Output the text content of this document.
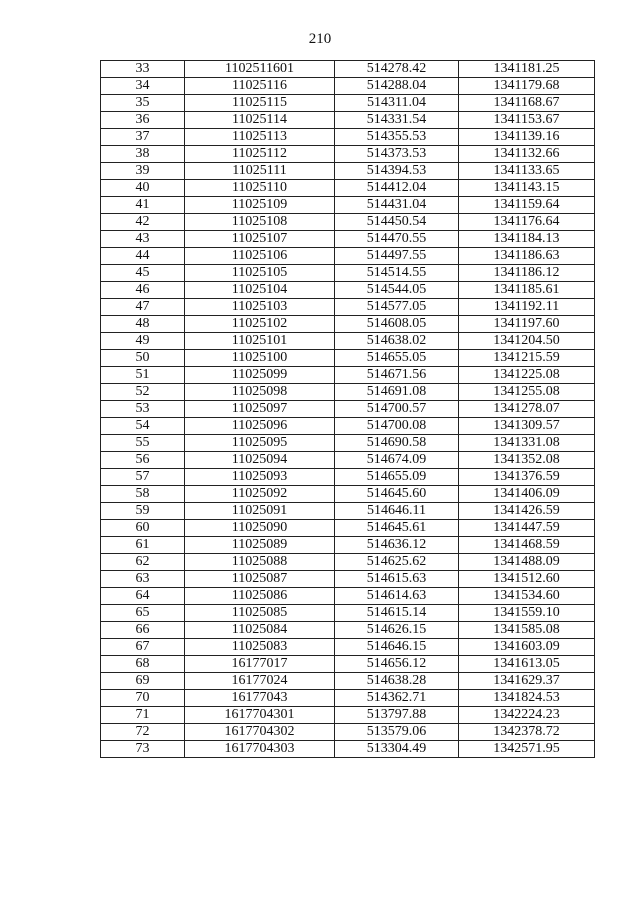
210
33	1102511601	514278.42	1341181.25
34	11025116	514288.04	1341179.68
35	11025115	514311.04	1341168.67
36	11025114	514331.54	1341153.67
37	11025113	514355.53	1341139.16
38	11025112	514373.53	1341132.66
39	11025111	514394.53	1341133.65
40	11025110	514412.04	1341143.15
41	11025109	514431.04	1341159.64
42	11025108	514450.54	1341176.64
43	11025107	514470.55	1341184.13
44	11025106	514497.55	1341186.63
45	11025105	514514.55	1341186.12
46	11025104	514544.05	1341185.61
47	11025103	514577.05	1341192.11
48	11025102	514608.05	1341197.60
49	11025101	514638.02	1341204.50
50	11025100	514655.05	1341215.59
51	11025099	514671.56	1341225.08
52	11025098	514691.08	1341255.08
53	11025097	514700.57	1341278.07
54	11025096	514700.08	1341309.57
55	11025095	514690.58	1341331.08
56	11025094	514674.09	1341352.08
57	11025093	514655.09	1341376.59
58	11025092	514645.60	1341406.09
59	11025091	514646.11	1341426.59
60	11025090	514645.61	1341447.59
61	11025089	514636.12	1341468.59
62	11025088	514625.62	1341488.09
63	11025087	514615.63	1341512.60
64	11025086	514614.63	1341534.60
65	11025085	514615.14	1341559.10
66	11025084	514626.15	1341585.08
67	11025083	514646.15	1341603.09
68	16177017	514656.12	1341613.05
69	16177024	514638.28	1341629.37
70	16177043	514362.71	1341824.53
71	1617704301	513797.88	1342224.23
72	1617704302	513579.06	1342378.72
73	1617704303	513304.49	1342571.95
